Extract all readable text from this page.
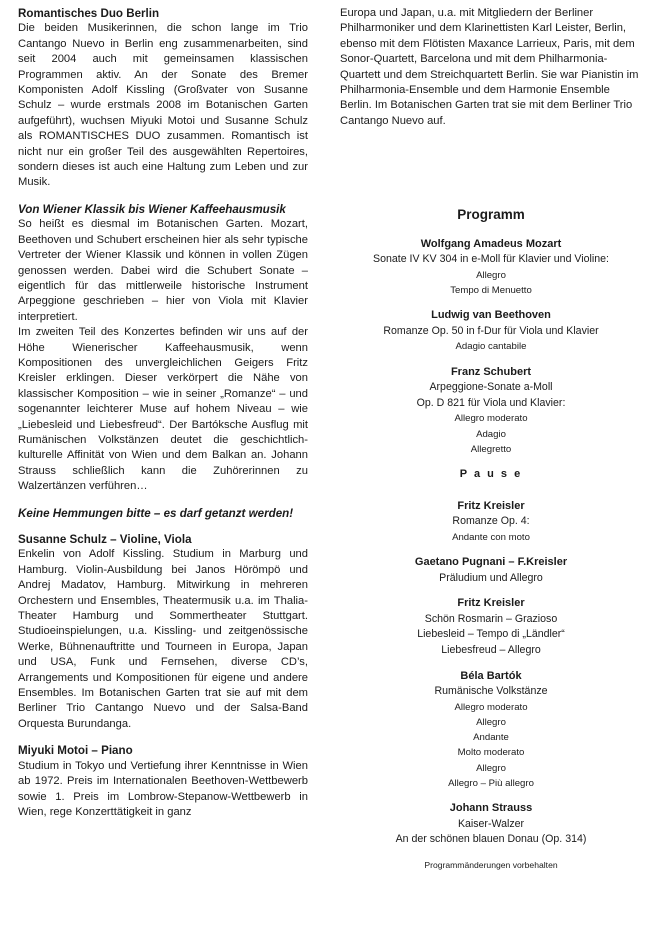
Romantisches Duo Berlin

Die beiden Musikerinnen, die schon lange im Trio Cantango Nuevo in Berlin eng zusammenarbeiten, sind seit 2004 auch mit gemeinsamen klassischen Programmen aktiv. An der Sonate des Bremer Komponisten Adolf Kissling (Großvater von Susanne Schulz – wurde erstmals 2008 im Botanischen Garten aufgeführt), wuchsen Miyuki Motoi und Susanne Schulz als ROMANTISCHES DUO zusammen. Romantisch ist nicht nur ein großer Teil des ausgewählten Repertoires, sondern dieses ist auch eine Haltung zum Leben und zur Musik.

Von Wiener Klassik bis Wiener Kaffeehausmusik

So heißt es diesmal im Botanischen Garten. Mozart, Beethoven und Schubert erscheinen hier als sehr typische Vertreter der Wiener Klassik und können in vollen Zügen genossen werden. Dabei wird die Schubert Sonate – eigentlich für das mittlerweile historische Instrument Arpeggione geschrieben – hier von Viola mit Klavier interpretiert.

Im zweiten Teil des Konzertes befinden wir uns auf der Höhe Wienerischer Kaffeehausmusik, wenn Kompositionen des unvergleichlichen Geigers Fritz Kreisler erklingen. Dieser verkörpert die Nähe von klassischer Komposition – wie in seiner „Romanze“ – und sogenannter leichterer Muse auf hohem Niveau – wie „Liebesleid und Liebesfreud“. Der Bartóksche Ausflug mit Rumänischen Volkstänzen deutet die geschichtlich-kulturelle Affinität von Wien und dem Balkan an. Johann Strauss schließlich kann die Zuhörerinnen zu Walzertänzen verführen…

Keine Hemmungen bitte – es darf getanzt werden!
Susanne Schulz – Violine, Viola

Enkelin von Adolf Kissling. Studium in Marburg und Hamburg. Violin-Ausbildung bei Janos Hörömpö und Andrej Madatov, Hamburg. Mitwirkung in mehreren Orchestern und Ensembles, Theatermusik u.a. im Thalia-Theater Hamburg und Sommertheater Stuttgart. Studioeinspielungen, u.a. Kissling- und zeitgenössische Werke, Bühnenauftritte und Tourneen in Europa, Japan und USA, Funk und Fernsehen, diverse CD’s, Arrangements und Kompositionen für eigene und andere Ensembles. Im Botanischen Garten trat sie auf mit dem Berliner Trio Cantango Nuevo und der Salsa-Band Orquesta Burundanga.

Miyuki Motoi – Piano

Studium in Tokyo und Vertiefung ihrer Kenntnisse in Wien ab 1972. Preis im Internationalen Beethoven-Wettbewerb sowie 1. Preis im Lombrow-Stepanow-Wettbewerb in Wien, rege Konzerttätigkeit in ganz

Europa und Japan, u.a. mit Mitgliedern der Berliner Philharmoniker und dem Klarinettisten Karl Leister, Berlin, ebenso mit dem Flötisten Maxance Larrieux, Paris, mit dem Sonor-Quartett, Barcelona und mit dem Philharmonia-Quartett und dem Streichquartett Berlin. Sie war Pianistin im Philharmonia-Ensemble und dem Harmonie Ensemble Berlin. Im Botanischen Garten trat sie mit dem Berliner Trio Cantango Nuevo auf.

Programm
Wolfgang Amadeus Mozart
Sonate IV KV 304 in e-Moll für Klavier und Violine:
Allegro
Tempo di Menuetto
Ludwig van Beethoven
Romanze Op. 50 in f-Dur für Viola und Klavier
Adagio cantabile
Franz Schubert
Arpeggione-Sonate a-Moll
Op. D 821 für Viola und Klavier:
Allegro moderato
Adagio
Allegretto
P a u s e
Fritz Kreisler
Romanze Op. 4:
Andante con moto
Gaetano Pugnani – F.Kreisler
Präludium und Allegro
Fritz Kreisler
Schön Rosmarin – Grazioso
Liebesleid – Tempo di „Ländler“
Liebesfreud – Allegro
Béla Bartók
Rumänische Volkstänze
Allegro moderato
Allegro
Andante
Molto moderato
Allegro
Allegro – Più allegro
Johann Strauss
Kaiser-Walzer
An der schönen blauen Donau (Op. 314)
Programmänderungen vorbehalten
